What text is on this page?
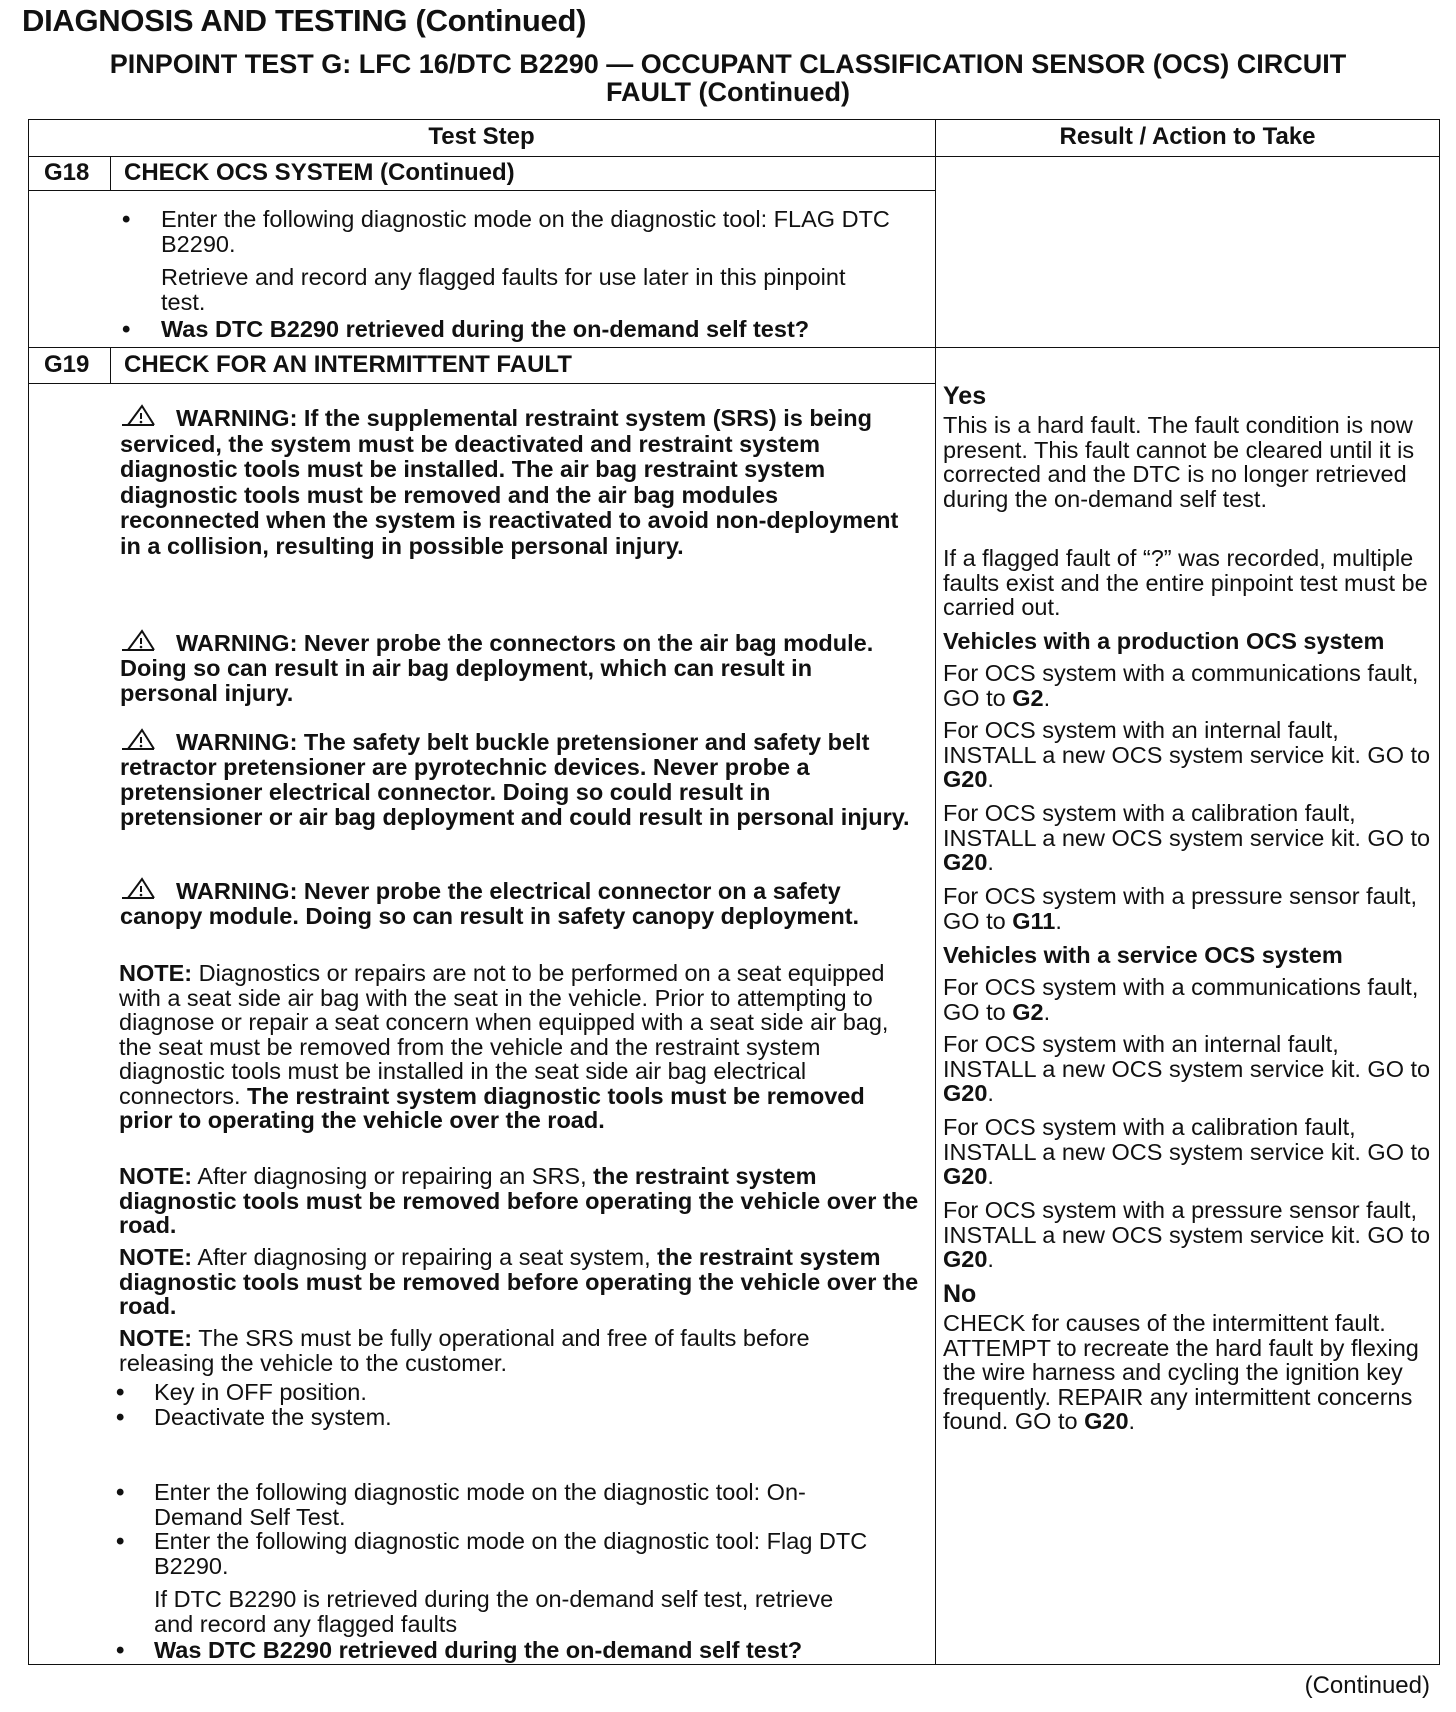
DIAGNOSIS AND TESTING (Continued)
PINPOINT TEST G: LFC 16/DTC B2290 — OCCUPANT CLASSIFICATION SENSOR (OCS) CIRCUIT
FAULT (Continued)
Test Step	Result / Action to Take
G18 CHECK OCS SYSTEM (Continued)
• Enter the following diagnostic mode on the diagnostic tool: FLAG DTC B2290.
Retrieve and record any flagged faults for use later in this pinpoint test.
• Was DTC B2290 retrieved during the on-demand self test?
G19 CHECK FOR AN INTERMITTENT FAULT
WARNING: If the supplemental restraint system (SRS) is being serviced, the system must be deactivated and restraint system diagnostic tools must be installed. The air bag restraint system diagnostic tools must be removed and the air bag modules reconnected when the system is reactivated to avoid non-deployment in a collision, resulting in possible personal injury.
WARNING: Never probe the connectors on the air bag module. Doing so can result in air bag deployment, which can result in personal injury.
WARNING: The safety belt buckle pretensioner and safety belt retractor pretensioner are pyrotechnic devices. Never probe a pretensioner electrical connector. Doing so could result in pretensioner or air bag deployment and could result in personal injury.
WARNING: Never probe the electrical connector on a safety canopy module. Doing so can result in safety canopy deployment.
NOTE: Diagnostics or repairs are not to be performed on a seat equipped with a seat side air bag with the seat in the vehicle. Prior to attempting to diagnose or repair a seat concern when equipped with a seat side air bag, the seat must be removed from the vehicle and the restraint system diagnostic tools must be installed in the seat side air bag electrical connectors. The restraint system diagnostic tools must be removed prior to operating the vehicle over the road.
NOTE: After diagnosing or repairing an SRS, the restraint system diagnostic tools must be removed before operating the vehicle over the road.
NOTE: After diagnosing or repairing a seat system, the restraint system diagnostic tools must be removed before operating the vehicle over the road.
NOTE: The SRS must be fully operational and free of faults before releasing the vehicle to the customer.
• Key in OFF position.
• Deactivate the system.
• Enter the following diagnostic mode on the diagnostic tool: On-Demand Self Test.
• Enter the following diagnostic mode on the diagnostic tool: Flag DTC B2290.
If DTC B2290 is retrieved during the on-demand self test, retrieve and record any flagged faults
• Was DTC B2290 retrieved during the on-demand self test?
Yes
This is a hard fault. The fault condition is now present. This fault cannot be cleared until it is corrected and the DTC is no longer retrieved during the on-demand self test.
If a flagged fault of “?” was recorded, multiple faults exist and the entire pinpoint test must be carried out.
Vehicles with a production OCS system
For OCS system with a communications fault, GO to G2.
For OCS system with an internal fault, INSTALL a new OCS system service kit. GO to G20.
For OCS system with a calibration fault, INSTALL a new OCS system service kit. GO to G20.
For OCS system with a pressure sensor fault, GO to G11.
Vehicles with a service OCS system
For OCS system with a communications fault, GO to G2.
For OCS system with an internal fault, INSTALL a new OCS system service kit. GO to G20.
For OCS system with a calibration fault, INSTALL a new OCS system service kit. GO to G20.
For OCS system with a pressure sensor fault, INSTALL a new OCS system service kit. GO to G20.
No
CHECK for causes of the intermittent fault. ATTEMPT to recreate the hard fault by flexing the wire harness and cycling the ignition key frequently. REPAIR any intermittent concerns found. GO to G20.
(Continued)
